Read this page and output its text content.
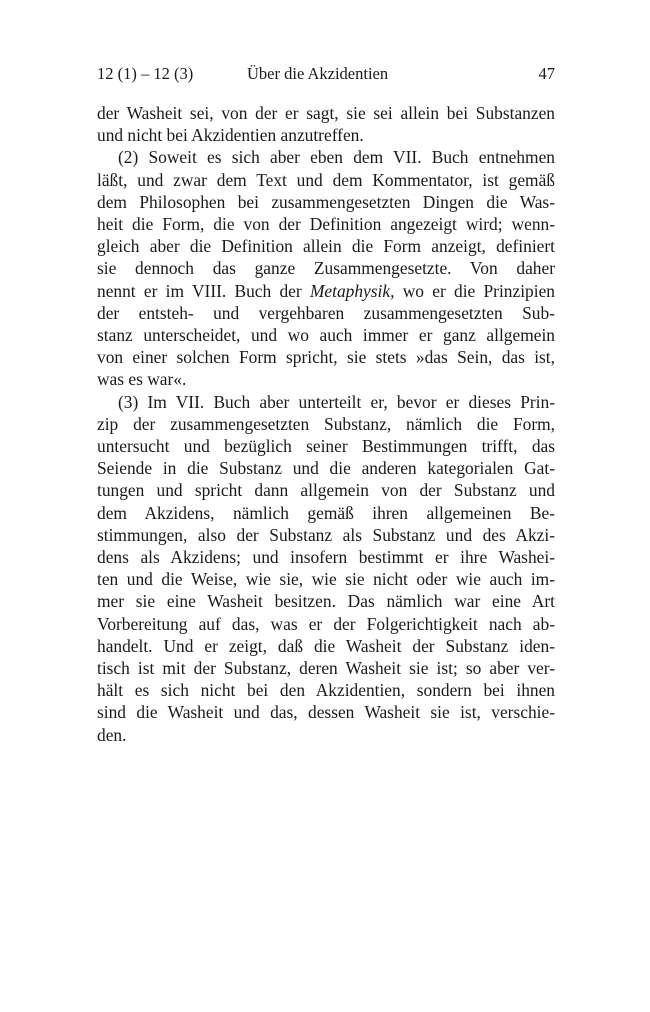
12 (1) – 12 (3)	Über die Akzidentien	47
der Washeit sei, von der er sagt, sie sei allein bei Substanzen
und nicht bei Akzidentien anzutreffen.
(2) Soweit es sich aber eben dem VII. Buch entnehmen
läßt, und zwar dem Text und dem Kommentator, ist gemäß
dem Philosophen bei zusammengesetzten Dingen die Was-
heit die Form, die von der Definition angezeigt wird; wenn-
gleich aber die Definition allein die Form anzeigt, definiert
sie dennoch das ganze Zusammengesetzte. Von daher
nennt er im VIII. Buch der Metaphysik, wo er die Prinzipien
der entsteh- und vergehbaren zusammengesetzten Sub-
stanz unterscheidet, und wo auch immer er ganz allgemein
von einer solchen Form spricht, sie stets »das Sein, das ist,
was es war«.
(3) Im VII. Buch aber unterteilt er, bevor er dieses Prin-
zip der zusammengesetzten Substanz, nämlich die Form,
untersucht und bezüglich seiner Bestimmungen trifft, das
Seiende in die Substanz und die anderen kategorialen Gat-
tungen und spricht dann allgemein von der Substanz und
dem Akzidens, nämlich gemäß ihren allgemeinen Be-
stimmungen, also der Substanz als Substanz und des Akzi-
dens als Akzidens; und insofern bestimmt er ihre Washei-
ten und die Weise, wie sie, wie sie nicht oder wie auch im-
mer sie eine Washeit besitzen. Das nämlich war eine Art
Vorbereitung auf das, was er der Folgerichtigkeit nach ab-
handelt. Und er zeigt, daß die Washeit der Substanz iden-
tisch ist mit der Substanz, deren Washeit sie ist; so aber ver-
hält es sich nicht bei den Akzidentien, sondern bei ihnen
sind die Washeit und das, dessen Washeit sie ist, verschie-
den.
